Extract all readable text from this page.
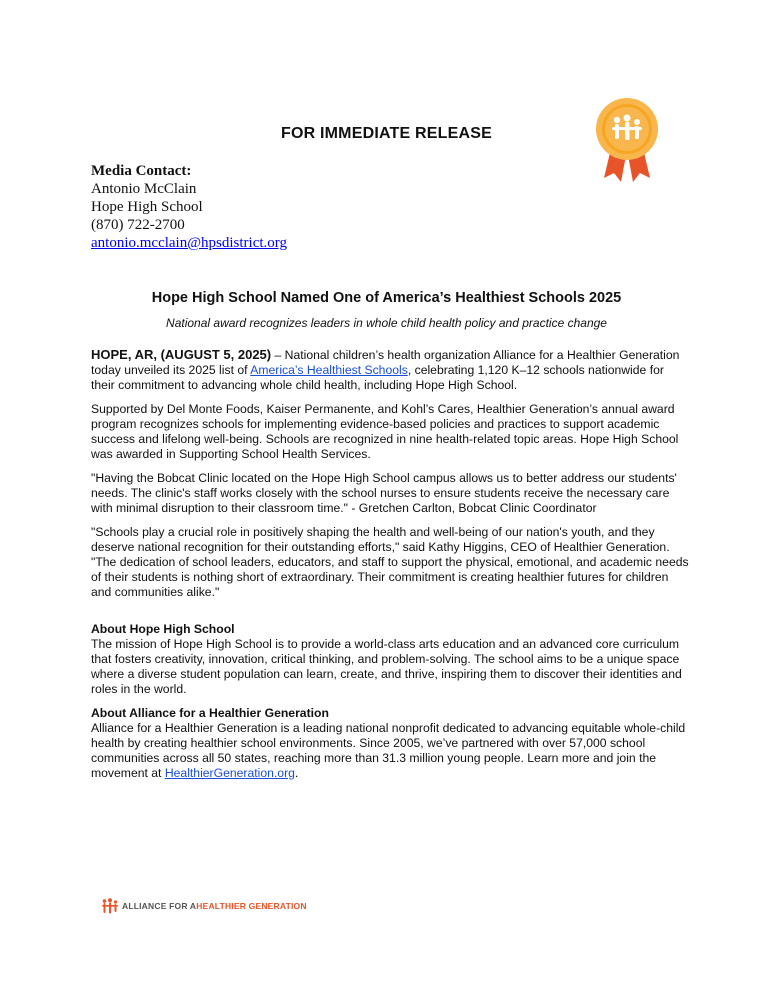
FOR IMMEDIATE RELEASE
Media Contact:
Antonio McClain
Hope High School
(870) 722-2700
antonio.mcclain@hpsdistrict.org
Hope High School Named One of America’s Healthiest Schools 2025
National award recognizes leaders in whole child health policy and practice change

HOPE, AR, (AUGUST 5, 2025) – National children’s health organization Alliance for a Healthier Generation today unveiled its 2025 list of America’s Healthiest Schools, celebrating 1,120 K–12 schools nationwide for their commitment to advancing whole child health, including Hope High School.

Supported by Del Monte Foods, Kaiser Permanente, and Kohl’s Cares, Healthier Generation’s annual award program recognizes schools for implementing evidence-based policies and practices to support academic success and lifelong well-being. Schools are recognized in nine health-related topic areas. Hope High School was awarded in Supporting School Health Services.

"Having the Bobcat Clinic located on the Hope High School campus allows us to better address our students' needs. The clinic's staff works closely with the school nurses to ensure students receive the necessary care with minimal disruption to their classroom time." - Gretchen Carlton, Bobcat Clinic Coordinator

"Schools play a crucial role in positively shaping the health and well-being of our nation's youth, and they deserve national recognition for their outstanding efforts," said Kathy Higgins, CEO of Healthier Generation. "The dedication of school leaders, educators, and staff to support the physical, emotional, and academic needs of their students is nothing short of extraordinary. Their commitment is creating healthier futures for children and communities alike."

About Hope High School
The mission of Hope High School is to provide a world-class arts education and an advanced core curriculum that fosters creativity, innovation, critical thinking, and problem-solving. The school aims to be a unique space where a diverse student population can learn, create, and thrive, inspiring them to discover their identities and roles in the world.

About Alliance for a Healthier Generation
Alliance for a Healthier Generation is a leading national nonprofit dedicated to advancing equitable whole-child health by creating healthier school environments. Since 2005, we’ve partnered with over 57,000 school communities across all 50 states, reaching more than 31.3 million young people. Learn more and join the movement at HealthierGeneration.org.

ALLIANCE FOR A HEALTHIER GENERATION
